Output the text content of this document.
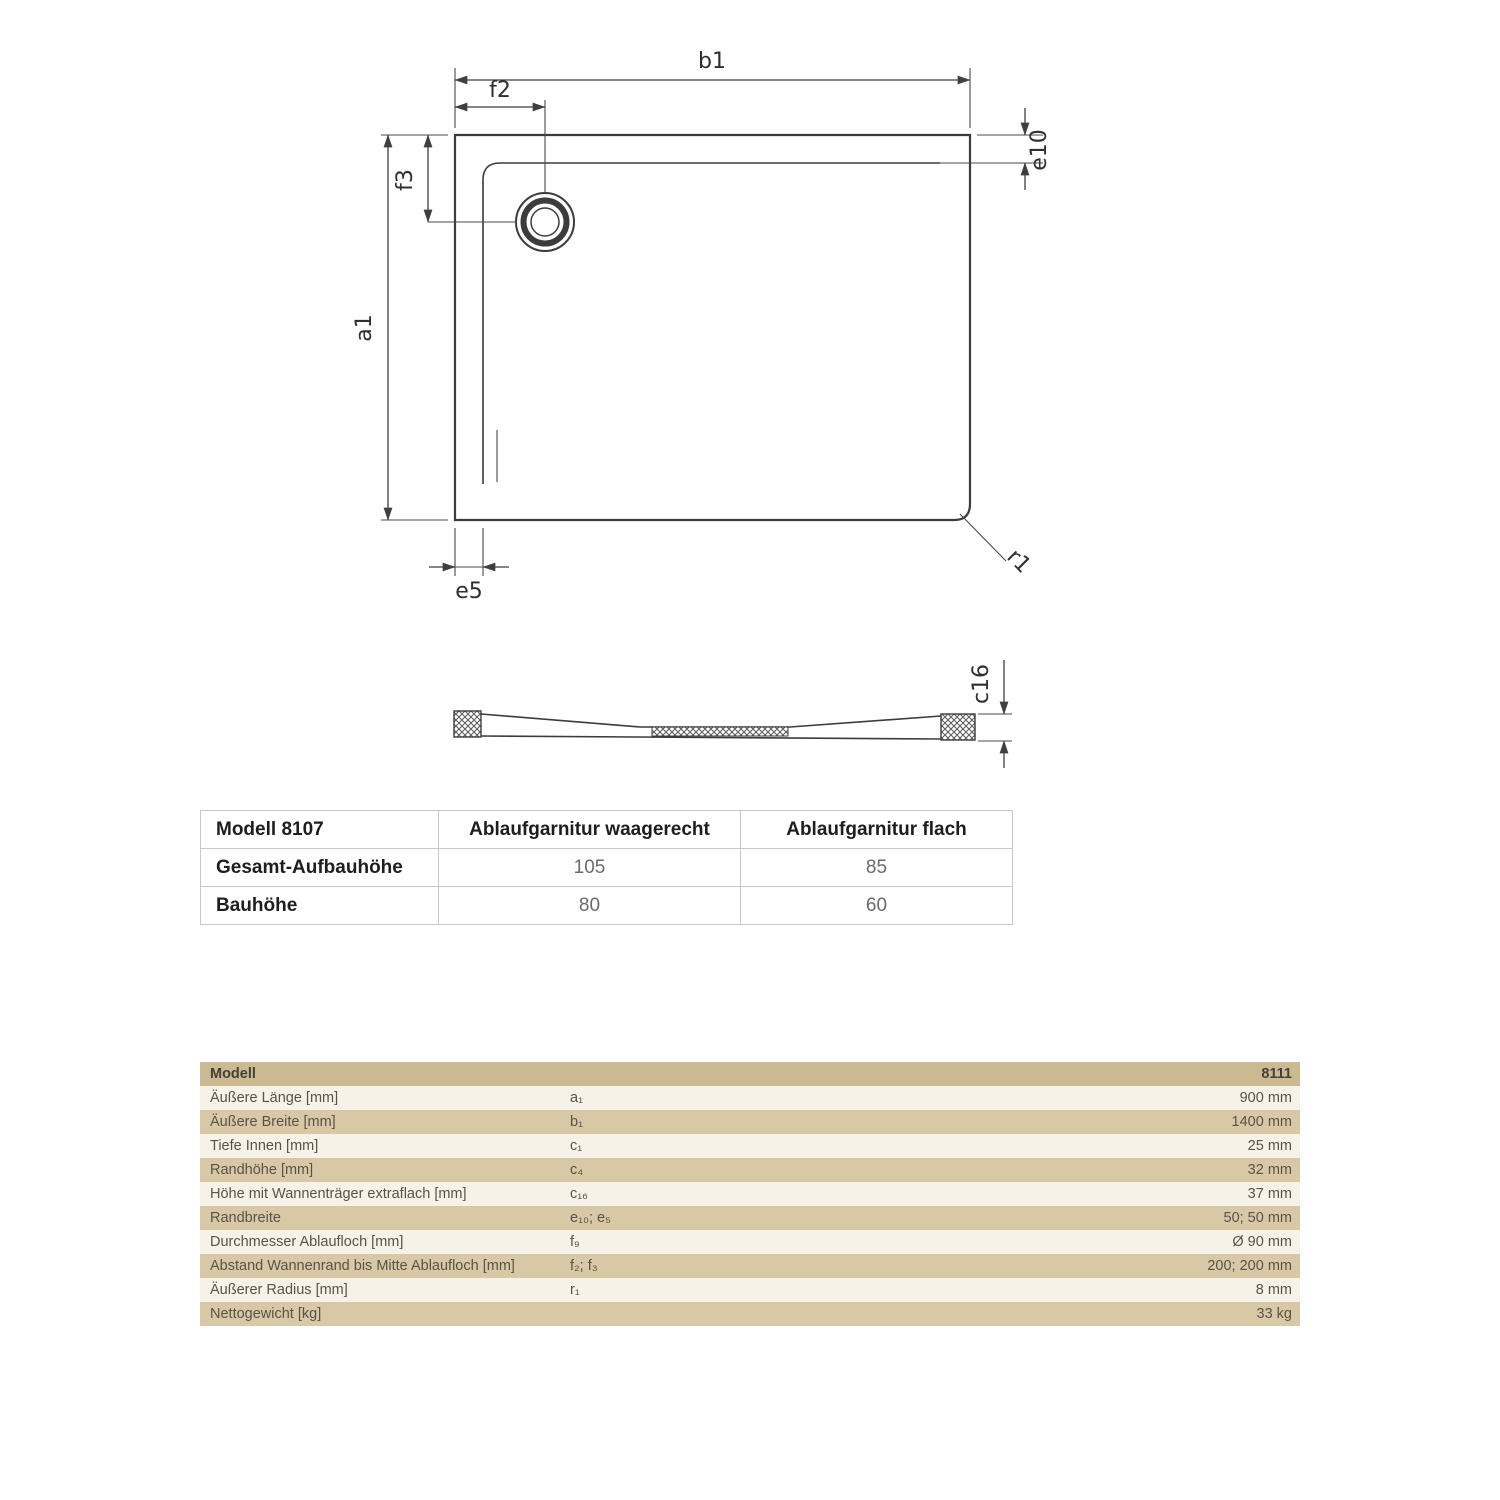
b1
f2
f3
a1
e5
e10
r1
c16
Modell 8107	Ablaufgarnitur waagerecht	Ablaufgarnitur flach
Gesamt-Aufbauhöhe	105	85
Bauhöhe	80	60
Modell		8111
Äußere Länge [mm]	a₁	900 mm
Äußere Breite [mm]	b₁	1400 mm
Tiefe Innen [mm]	c₁	25 mm
Randhöhe [mm]	c₄	32 mm
Höhe mit Wannenträger extraflach [mm]	c₁₆	37 mm
Randbreite	e₁₀; e₅	50; 50 mm
Durchmesser Ablaufloch [mm]	f₉	Ø 90 mm
Abstand Wannenrand bis Mitte Ablaufloch [mm]	f₂; f₃	200; 200 mm
Äußerer Radius [mm]	r₁	8 mm
Nettogewicht [kg]		33 kg
